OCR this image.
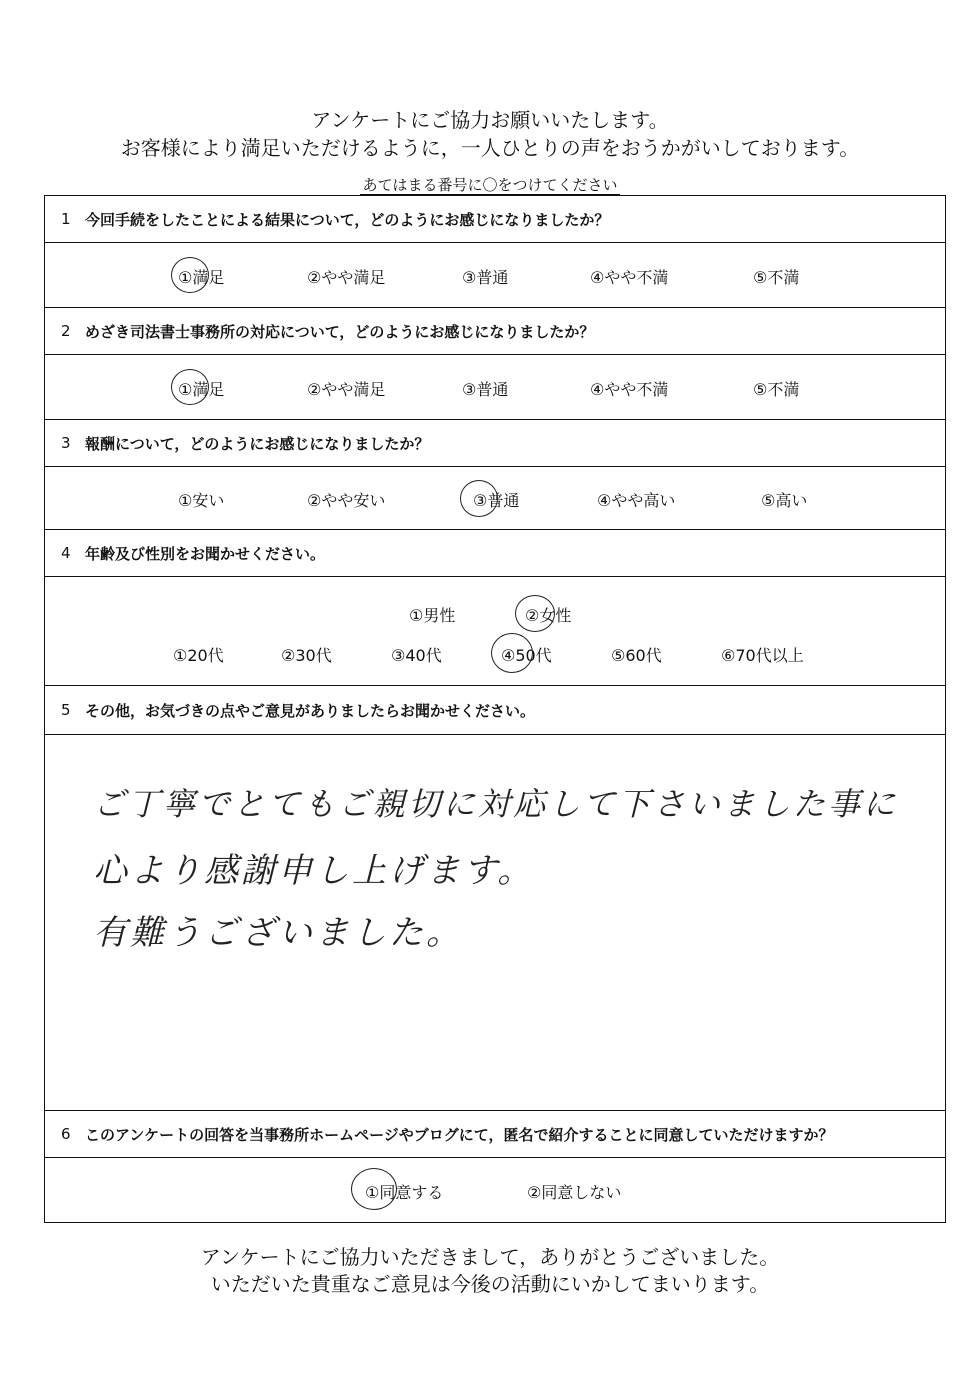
アンケートにご協力お願いいたします。
お客様により満足いただけるように，一人ひとりの声をおうかがいしております。
あてはまる番号に〇をつけてください
1 今回手続をしたことによる結果について，どのようにお感じになりましたか？
①満足	②やや満足	③普通	④やや不満	⑤不満
2 めざき司法書士事務所の対応について，どのようにお感じになりましたか？
①満足	②やや満足	③普通	④やや不満	⑤不満
3 報酬について，どのようにお感じになりましたか？
①安い	②やや安い	③普通	④やや高い	⑤高い
4 年齢及び性別をお聞かせください。
①男性	②女性
①20代	②30代	③40代	④50代	⑤60代	⑥70代以上
5 その他，お気づきの点やご意見がありましたらお聞かせください。
ご丁寧でとてもご親切に対応して下さいました事に
心より感謝申し上げます。
有難うございました。
6 このアンケートの回答を当事務所ホームページやブログにて，匿名で紹介することに同意していただけますか？
①同意する	②同意しない
アンケートにご協力いただきまして，ありがとうございました。
いただいた貴重なご意見は今後の活動にいかしてまいります。
